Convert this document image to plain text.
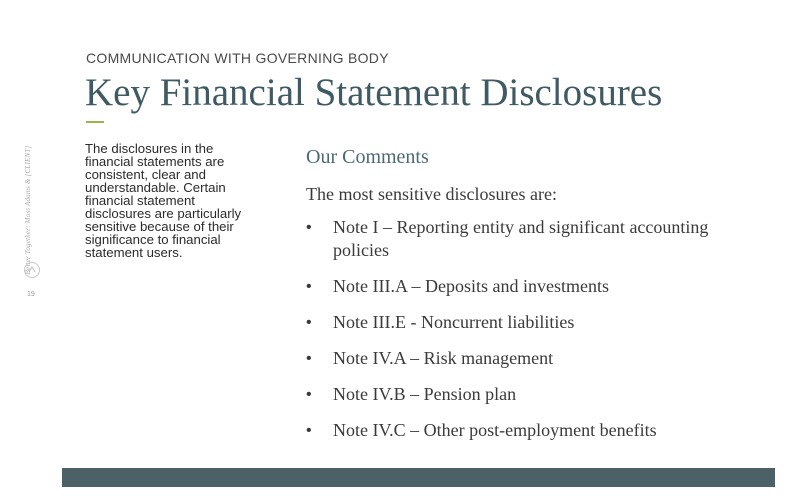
Better Together: Moss Adams & [CLIENT]
19
COMMUNICATION WITH GOVERNING BODY
Key Financial Statement Disclosures

The disclosures in the financial statements are consistent, clear and understandable. Certain financial statement disclosures are particularly sensitive because of their significance to financial statement users.

Our Comments

The most sensitive disclosures are:

• Note I – Reporting entity and significant accounting policies
• Note III.A – Deposits and investments
• Note III.E - Noncurrent liabilities
• Note IV.A – Risk management
• Note IV.B – Pension plan
• Note IV.C – Other post-employment benefits
